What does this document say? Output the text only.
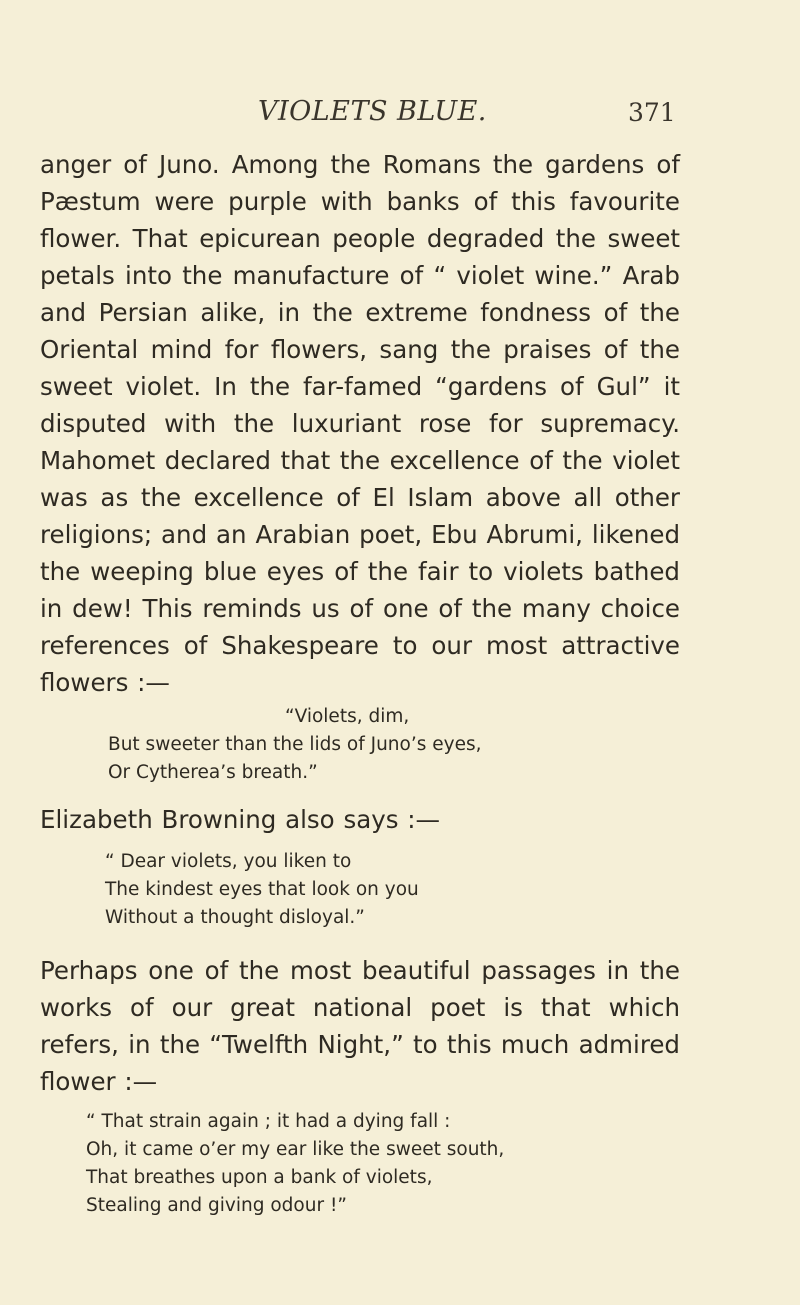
VIOLETS BLUE.	371

anger of Juno. Among the Romans the gardens of Pæstum were purple with banks of this favourite flower. That epicurean people degraded the sweet petals into the manufacture of “ violet wine.” Arab and Persian alike, in the extreme fondness of the Oriental mind for flowers, sang the praises of the sweet violet. In the far-famed “gardens of Gul” it disputed with the luxuriant rose for supremacy. Mahomet declared that the excellence of the violet was as the excellence of El Islam above all other religions; and an Arabian poet, Ebu Abrumi, likened the weeping blue eyes of the fair to violets bathed in dew! This reminds us of one of the many choice references of Shakespeare to our most attractive flowers :—

“Violets, dim,
But sweeter than the lids of Juno’s eyes,
Or Cytherea’s breath.”

Elizabeth Browning also says :—

“ Dear violets, you liken to
The kindest eyes that look on you
Without a thought disloyal.”

Perhaps one of the most beautiful passages in the works of our great national poet is that which refers, in the “Twelfth Night,” to this much admired flower :—

“ That strain again ; it had a dying fall :
Oh, it came o’er my ear like the sweet south,
That breathes upon a bank of violets,
Stealing and giving odour !”
